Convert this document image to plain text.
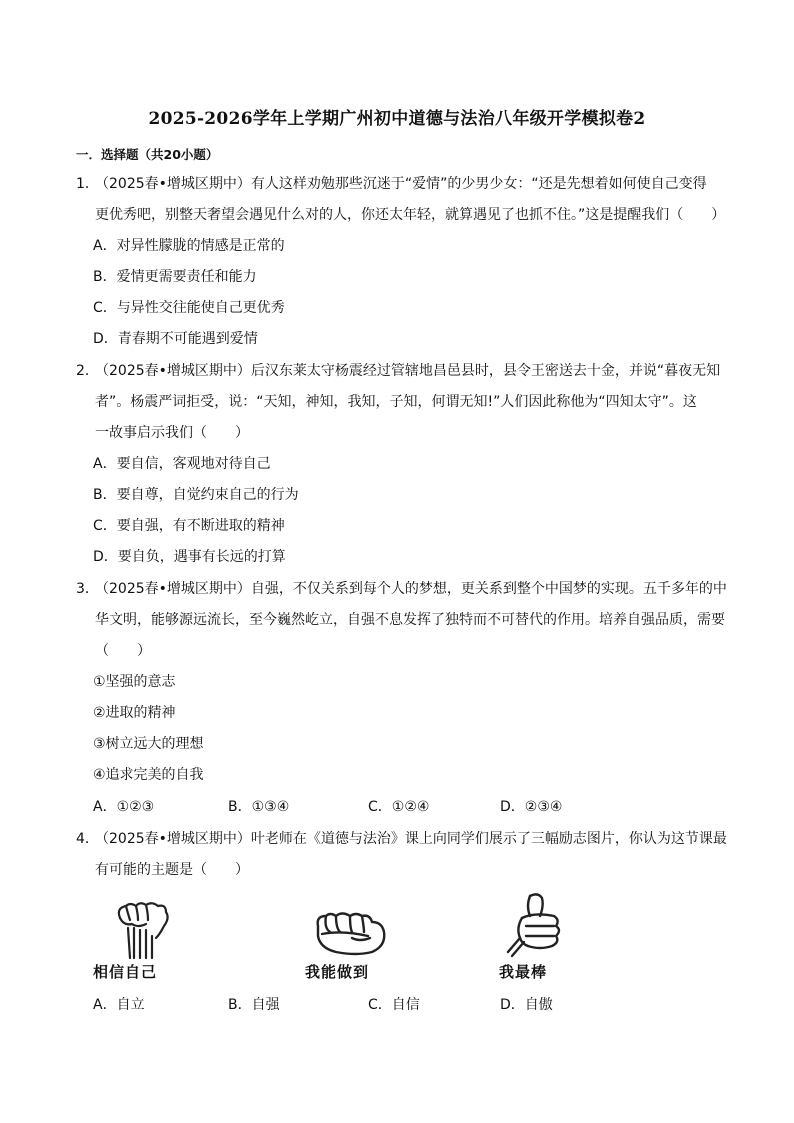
2025-2026学年上学期广州初中道德与法治八年级开学模拟卷2
一．选择题（共20小题）
1．
（2025春•增城区期中）有人这样劝勉那些沉迷于“爱情”的少男少女：“还是先想着如何使自己变得
更优秀吧，别整天奢望会遇见什么对的人，你还太年轻，就算遇见了也抓不住。”这是提醒我们（　　）
A．对异性朦胧的情感是正常的
B．爱情更需要责任和能力
C．与异性交往能使自己更优秀
D．青春期不可能遇到爱情
2．
（2025春•增城区期中）后汉东莱太守杨震经过管辖地昌邑县时，县令王密送去十金，并说“暮夜无知
者”。杨震严词拒受，说：“天知，神知，我知，子知，何谓无知!”人们因此称他为“四知太守”。这
一故事启示我们（　　）
A．要自信，客观地对待自己
B．要自尊，自觉约束自己的行为
C．要自强，有不断进取的精神
D．要自负，遇事有长远的打算
3．
（2025春•增城区期中）自强，不仅关系到每个人的梦想，更关系到整个中国梦的实现。五千多年的中
华文明，能够源远流长，至今巍然屹立，自强不息发挥了独特而不可替代的作用。培养自强品质，需要
（　　）
①坚强的意志
②进取的精神
③树立远大的理想
④追求完美的自我
A．①②③	B．①③④	C．①②④	D．②③④
4．
（2025春•增城区期中）叶老师在《道德与法治》课上向同学们展示了三幅励志图片，你认为这节课最
有可能的主题是（　　）
相信自己	我能做到	我最棒
A．自立	B．自强	C．自信	D．自傲
